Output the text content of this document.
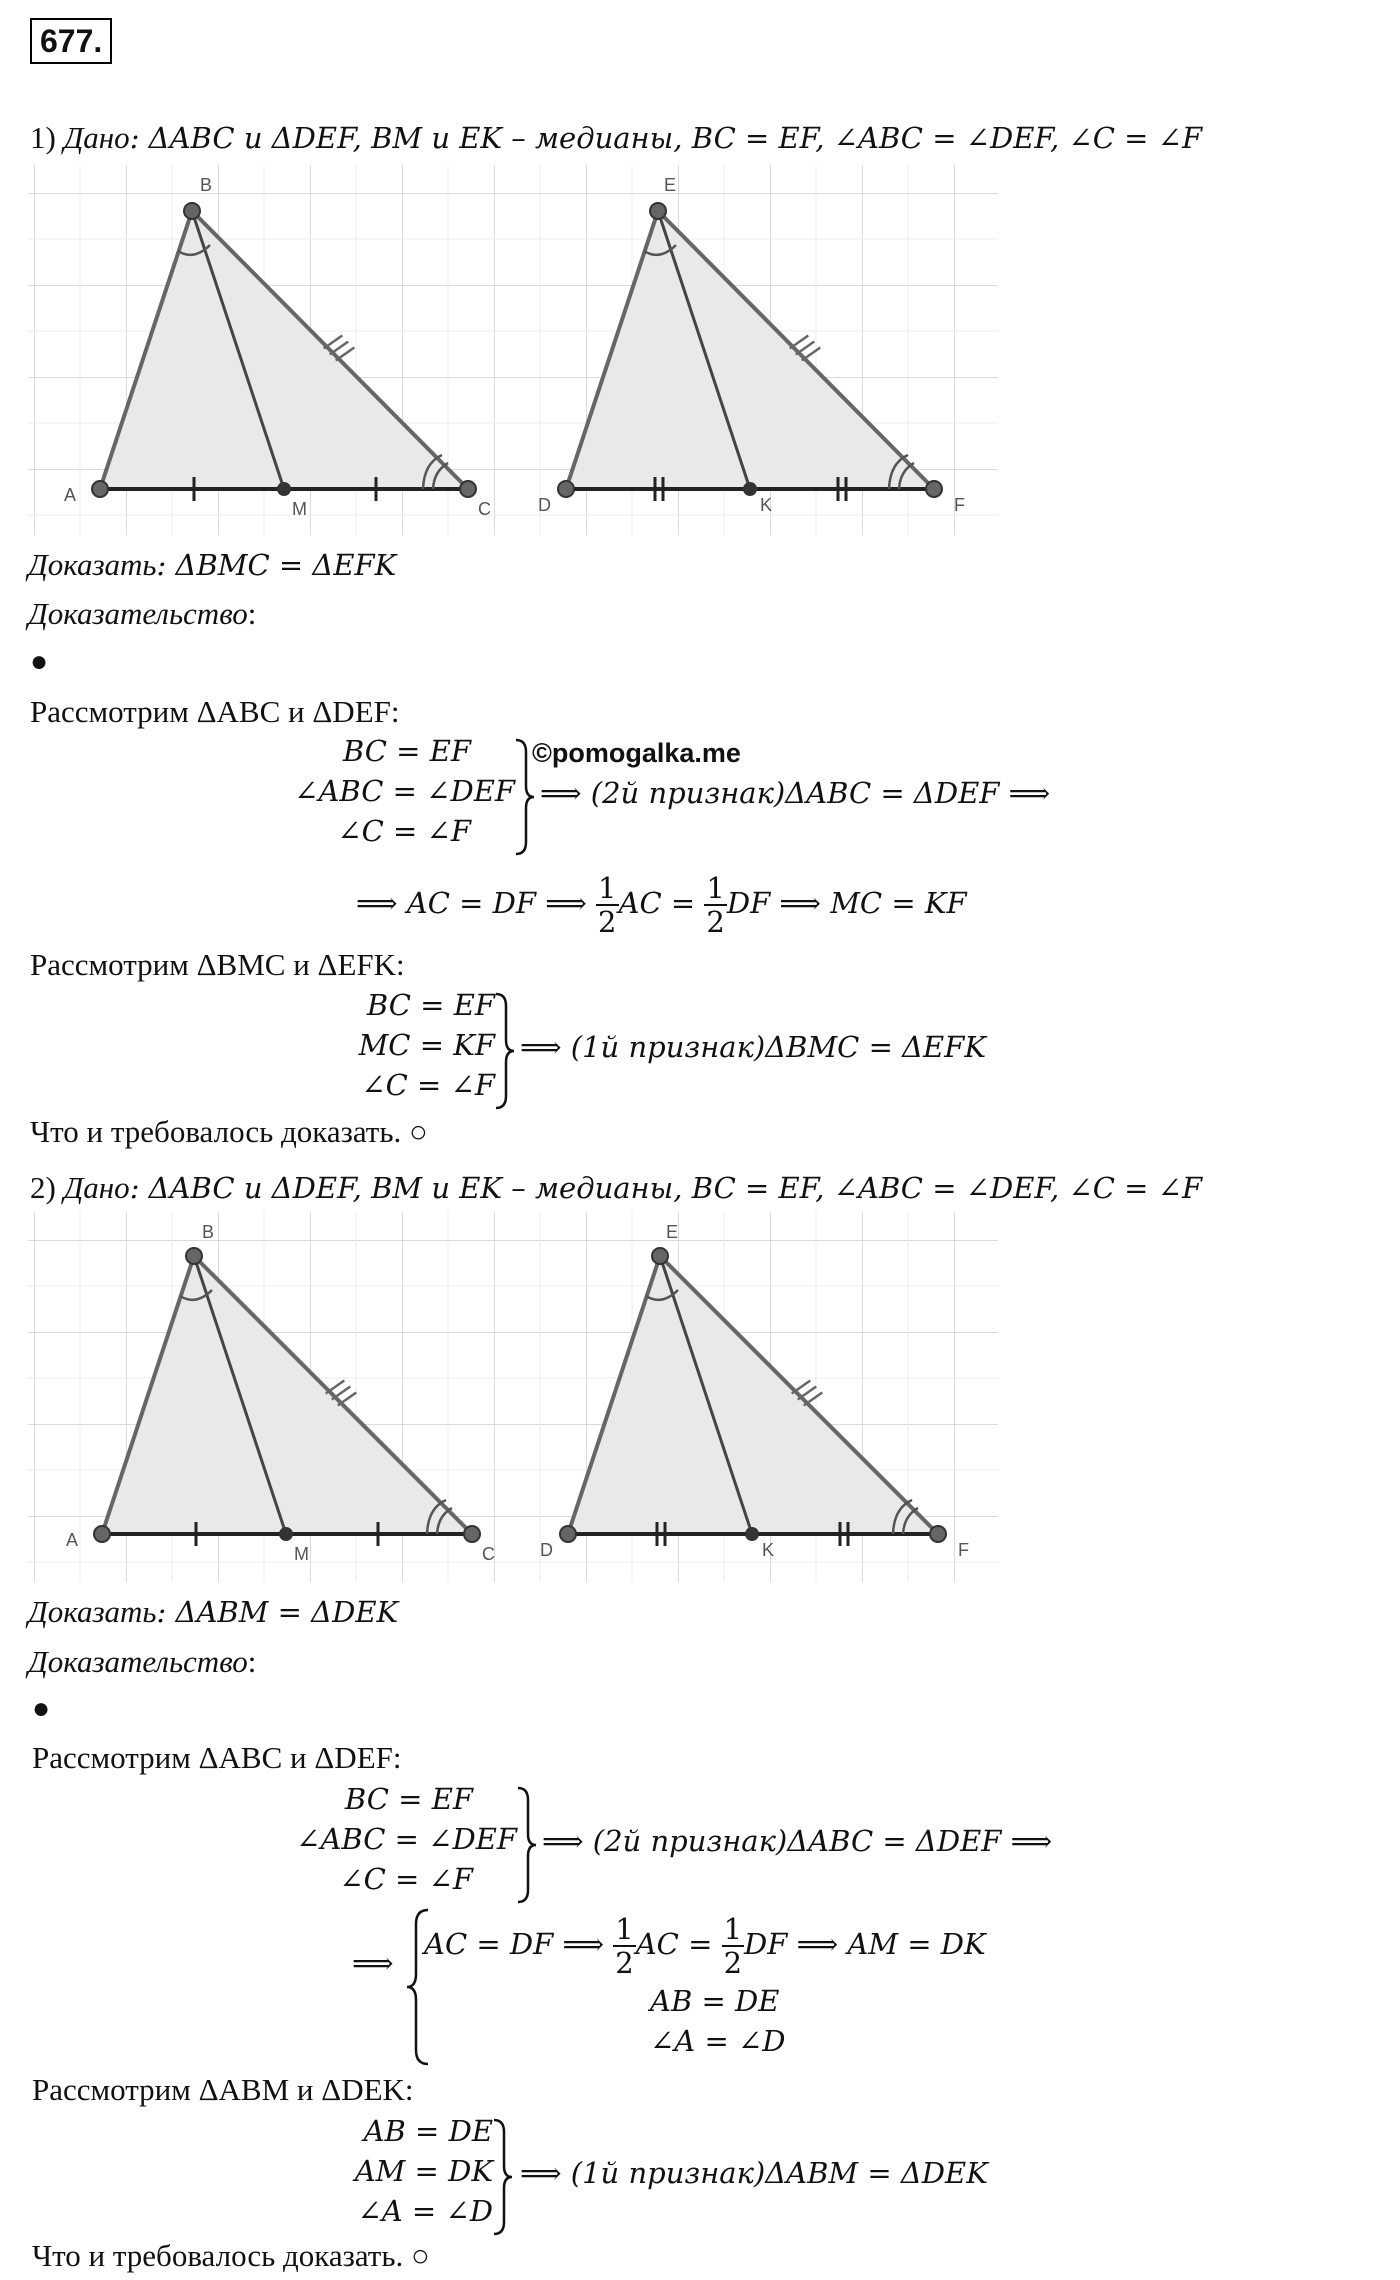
677.
1) Дано: ΔABC и ΔDEF, BM и EK – медианы, BC = EF, ∠ABC = ∠DEF, ∠C = ∠F
A
B
C
M	D
E
F
K
Доказать: ΔBMC = ΔEFK
Доказательство:
●
Рассмотрим ΔABC и ΔDEF:
BC = EF
∠ABC = ∠DEF
∠C = ∠F
©pomogalka.me
⟹ (2й признак)ΔABC = ΔDEF ⟹
⟹ AC = DF ⟹ $\frac{1}{2}$ AC = $\frac{1}{2}$ DF ⟹ MC = KF
Рассмотрим ΔBMC и ΔEFK:
BC = EF
MC = KF
∠C = ∠F
⟹ (1й признак)ΔBMC = ΔEFK
Что и требовалось доказать. ○
2) Дано: ΔABC и ΔDEF, BM и EK – медианы, BC = EF, ∠ABC = ∠DEF, ∠C = ∠F
A
B
C
M	D
E
F
K
Доказать: ΔABM = ΔDEK
Доказательство:
●
Рассмотрим ΔABC и ΔDEF:
BC = EF
∠ABC = ∠DEF
∠C = ∠F
⟹ (2й признак)ΔABC = ΔDEF ⟹
⟹
AC = DF ⟹ $\frac{1}{2}$ AC = $\frac{1}{2}$ DF ⟹ AM = DK
AB = DE
∠A = ∠D
Рассмотрим ΔABM и ΔDEK:
AB = DE
AM = DK
∠A = ∠D
⟹ (1й признак)ΔABM = ΔDEK
Что и требовалось доказать. ○
